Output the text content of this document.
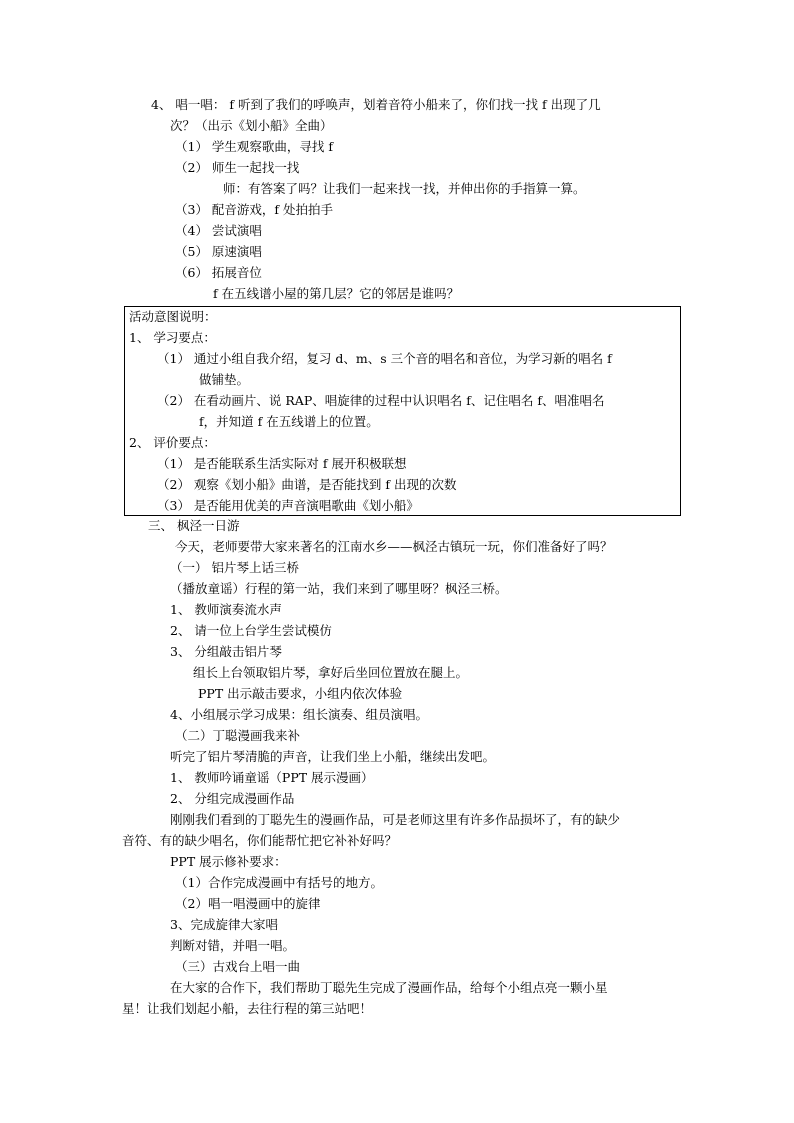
4、 唱一唱： f 听到了我们的呼唤声，划着音符小船来了，你们找一找 f 出现了几
次？（出示《划小船》全曲）
（1） 学生观察歌曲，寻找 f
（2） 师生一起找一找
师：有答案了吗？让我们一起来找一找，并伸出你的手指算一算。
（3） 配音游戏，f 处拍拍手
（4） 尝试演唱
（5） 原速演唱
（6） 拓展音位
f 在五线谱小屋的第几层？它的邻居是谁吗？
活动意图说明：
1、 学习要点：
（1） 通过小组自我介绍，复习 d、m、s 三个音的唱名和音位，为学习新的唱名 f
做铺垫。
（2） 在看动画片、说 RAP、唱旋律的过程中认识唱名 f、记住唱名 f、唱准唱名
f，并知道 f 在五线谱上的位置。
2、 评价要点：
（1） 是否能联系生活实际对 f 展开积极联想
（2） 观察《划小船》曲谱，是否能找到 f 出现的次数
（3） 是否能用优美的声音演唱歌曲《划小船》
三、 枫泾一日游
今天，老师要带大家来著名的江南水乡——枫泾古镇玩一玩，你们准备好了吗？
（一） 铝片琴上话三桥
（播放童谣）行程的第一站，我们来到了哪里呀？枫泾三桥。
1、 教师演奏流水声
2、 请一位上台学生尝试模仿
3、 分组敲击铝片琴
组长上台领取铝片琴，拿好后坐回位置放在腿上。
PPT 出示敲击要求，小组内依次体验
4、小组展示学习成果：组长演奏、组员演唱。
（二）丁聪漫画我来补
听完了铝片琴清脆的声音，让我们坐上小船，继续出发吧。
1、 教师吟诵童谣（PPT 展示漫画）
2、 分组完成漫画作品
刚刚我们看到的丁聪先生的漫画作品，可是老师这里有许多作品损坏了，有的缺少
音符、有的缺少唱名，你们能帮忙把它补补好吗？
PPT 展示修补要求：
（1）合作完成漫画中有括号的地方。
（2）唱一唱漫画中的旋律
3、完成旋律大家唱
判断对错，并唱一唱。
（三）古戏台上唱一曲
在大家的合作下，我们帮助丁聪先生完成了漫画作品，给每个小组点亮一颗小星
星！让我们划起小船，去往行程的第三站吧！
